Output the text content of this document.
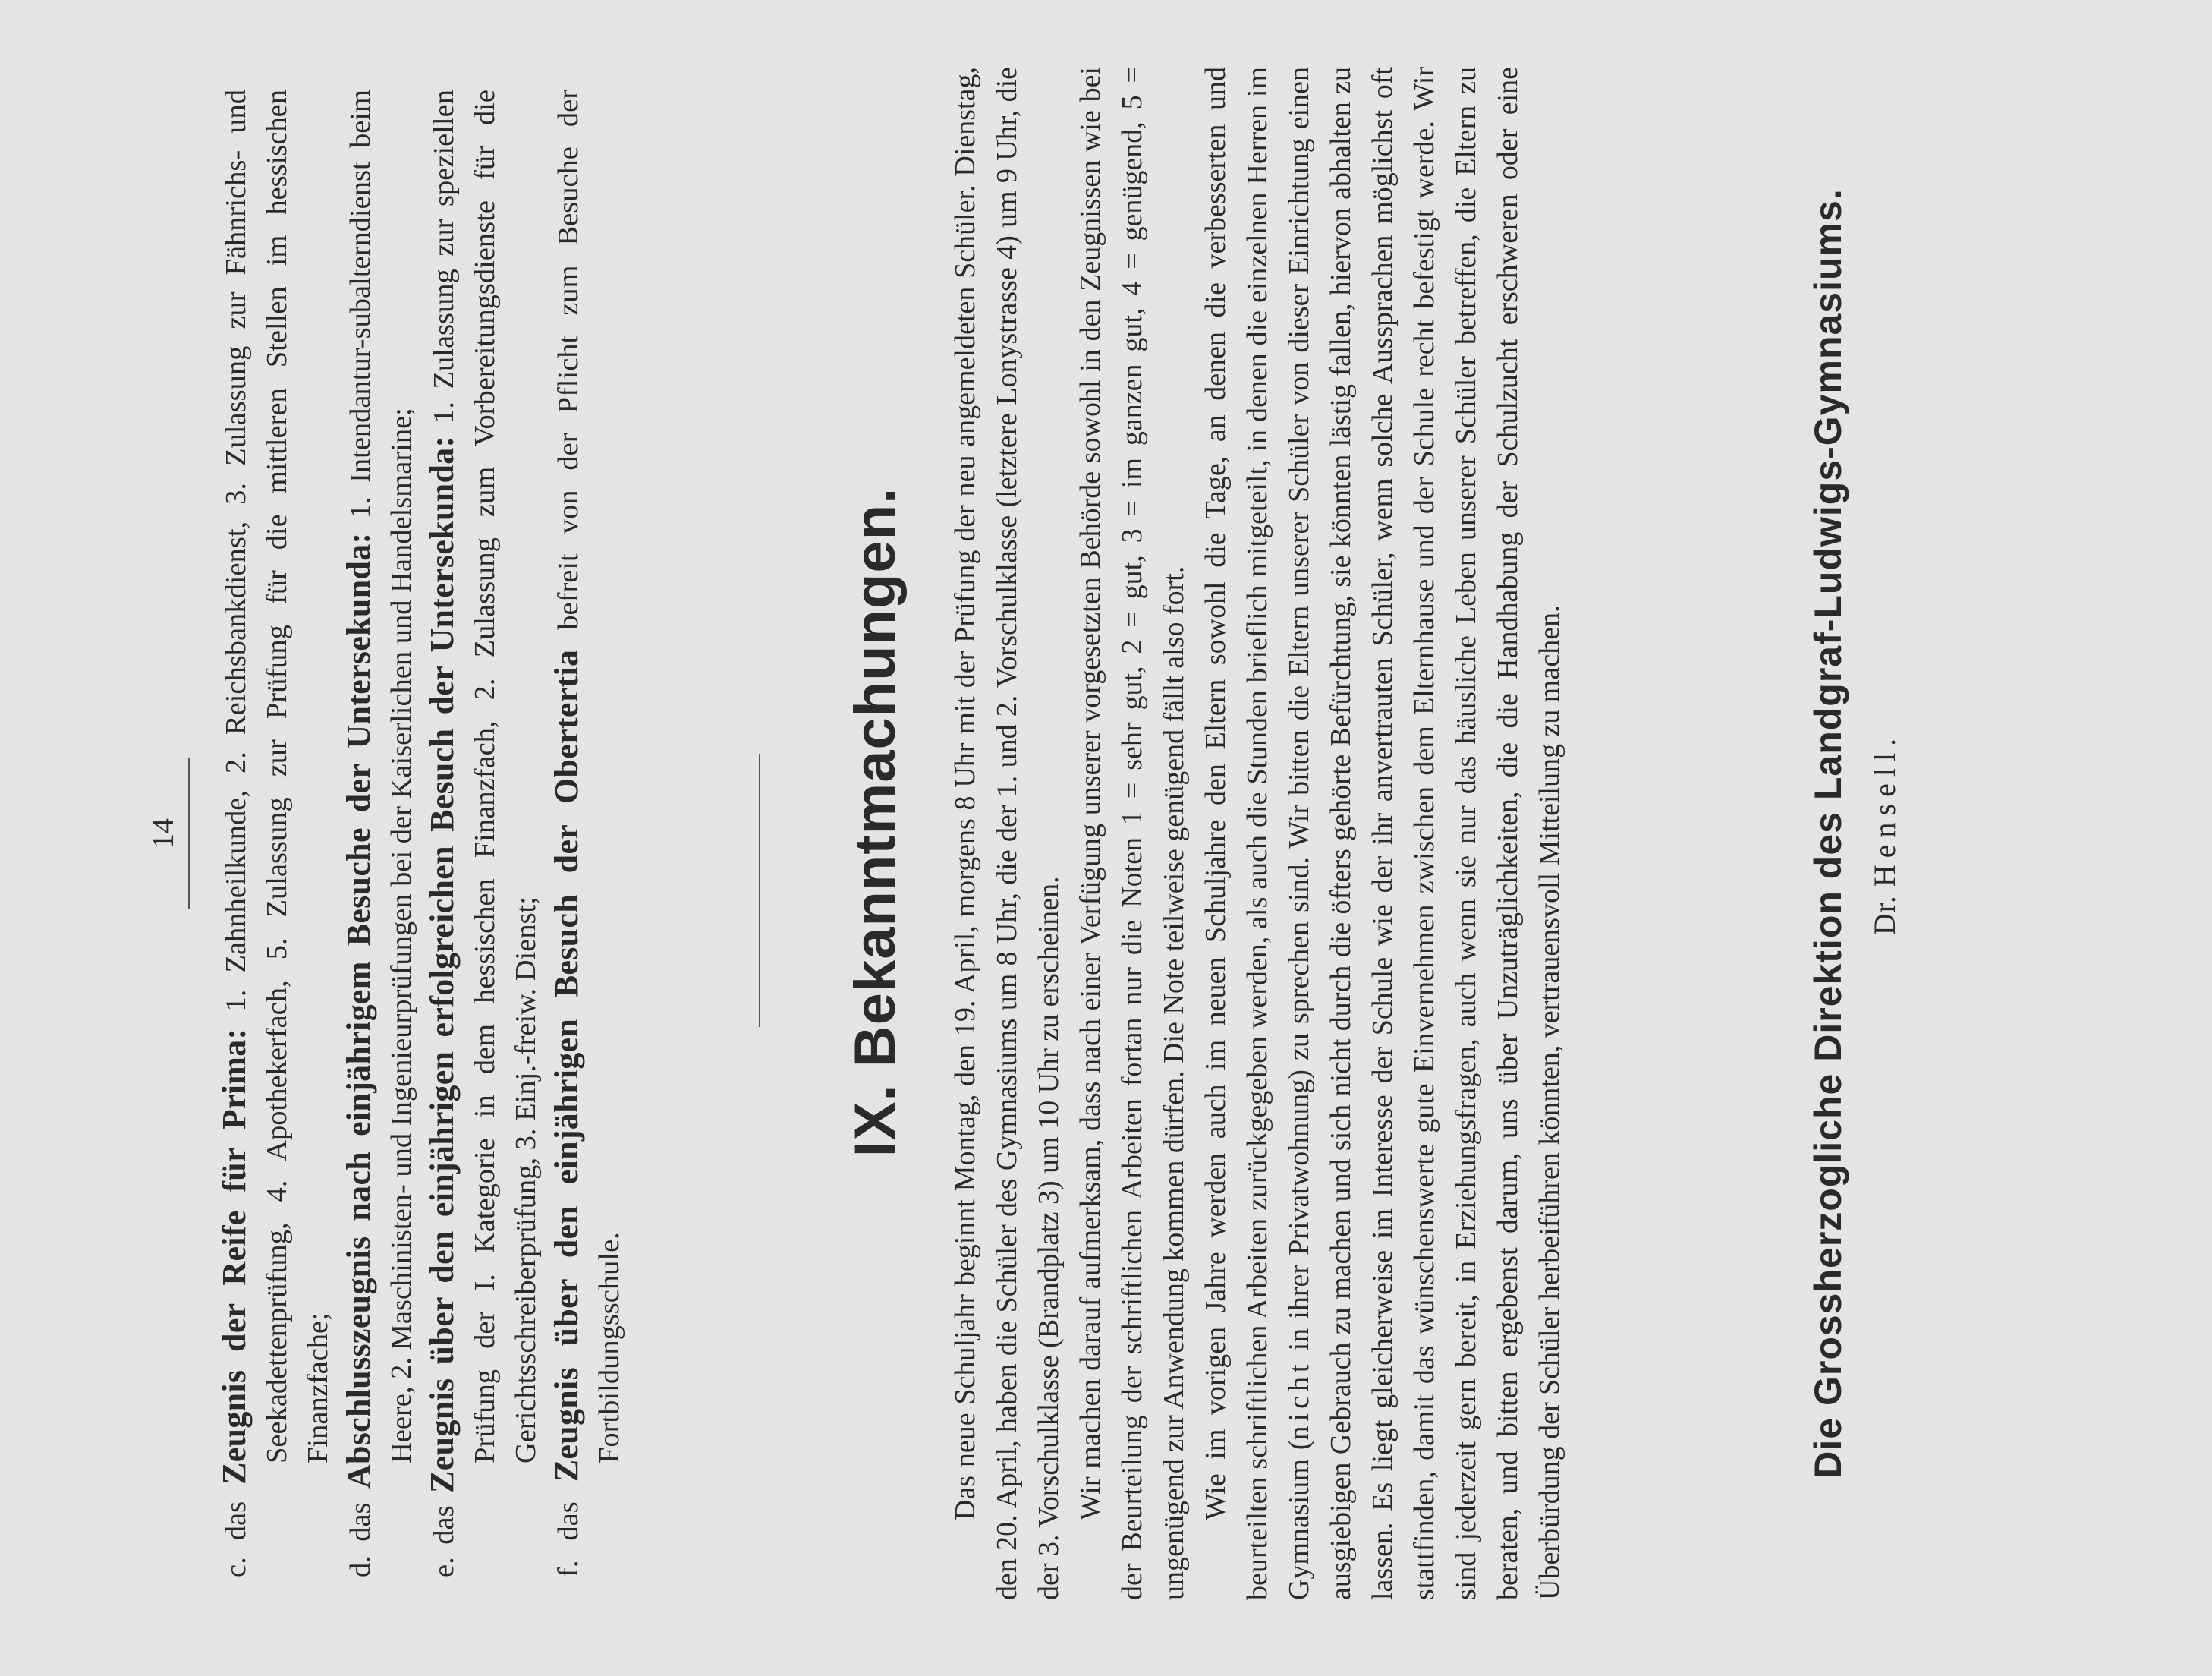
14
c. das Zeugnis der Reife für Prima: 1. Zahnheilkunde, 2. Reichsbankdienst, 3. Zulassung zur Fähnrichs- und Seekadettenprüfung, 4. Apothekerfach, 5. Zulassung zur Prüfung für die mittleren Stellen im hessischen Finanzfache;
d. das Abschlusszeugnis nach einjährigem Besuche der Untersekunda: 1. Intendantur-subalterndienst beim Heere, 2. Maschinisten- und Ingenieurprüfungen bei der Kaiserlichen und Handelsmarine;
e. das Zeugnis über den einjährigen erfolgreichen Besuch der Untersekunda: 1. Zulassung zur speziellen Prüfung der I. Kategorie in dem hessischen Finanzfach, 2. Zulassung zum Vorbereitungsdienste für die Gerichtsschreiberprüfung, 3. Einj.-freiw. Dienst;
f. das Zeugnis über den einjährigen Besuch der Obertertia befreit von der Pflicht zum Besuche der Fortbildungsschule.
IX. Bekanntmachungen. Das neue Schuljahr beginnt Montag, den 19. April, morgens 8 Uhr mit der Prüfung der neu angemeldeten Schüler. Dienstag, den 20. April, haben die Schüler des Gymnasiums um 8 Uhr, die der 1. und 2. Vorschulklasse (letztere Lonystrasse 4) um 9 Uhr, die der 3. Vorschulklasse (Brandplatz 3) um 10 Uhr zu erscheinen. Wir machen darauf aufmerksam, dass nach einer Verfügung unserer vorgesetzten Behörde sowohl in den Zeugnissen wie bei der Beurteilung der schriftlichen Arbeiten fortan nur die Noten 1 = sehr gut, 2 = gut, 3 = im ganzen gut, 4 = genügend, 5 = ungenügend zur Anwendung kommen dürfen. Die Note teilweise genügend fällt also fort. Wie im vorigen Jahre werden auch im neuen Schuljahre den Eltern sowohl die Tage, an denen die verbesserten und beurteilten schriftlichen Arbeiten zurückgegeben werden, als auch die Stunden brieflich mitgeteilt, in denen die einzelnen Herren im Gymnasium (nicht in ihrer Privatwohnung) zu sprechen sind. Wir bitten die Eltern unserer Schüler von dieser Einrichtung einen ausgiebigen Gebrauch zu machen und sich nicht durch die öfters gehörte Befürchtung, sie könnten lästig fallen, hiervon abhalten zu lassen. Es liegt gleicherweise im Interesse der Schule wie der ihr anvertrauten Schüler, wenn solche Aussprachen möglichst oft stattfinden, damit das wünschenswerte gute Einvernehmen zwischen dem Elternhause und der Schule recht befestigt werde. Wir sind jederzeit gern bereit, in Erziehungsfragen, auch wenn sie nur das häusliche Leben unserer Schüler betreffen, die Eltern zu beraten, und bitten ergebenst darum, uns über Unzuträglichkeiten, die die Handhabung der Schulzucht erschweren oder eine Überbürdung der Schüler herbeiführen könnten, vertrauensvoll Mitteilung zu machen.	Die Grossherzogliche Direktion des Landgraf-Ludwigs-Gymnasiums. Dr. Hensell.
